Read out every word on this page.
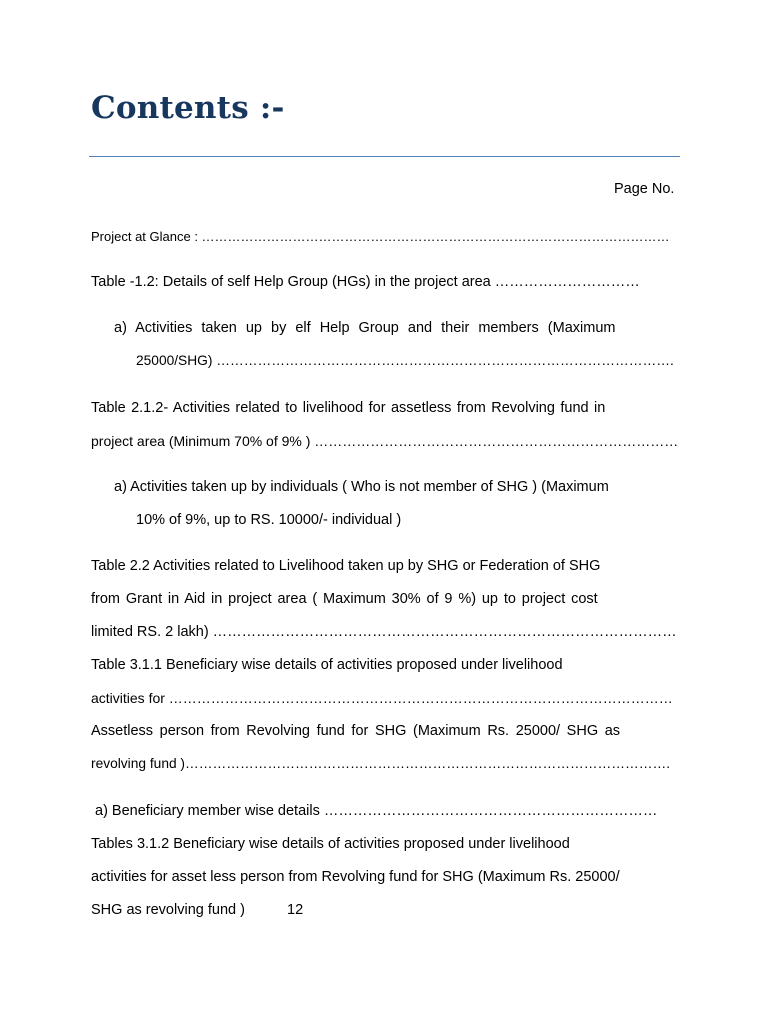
Contents :-
Page No.
Project at Glance : ………………………………………………………………………………………………
Table -1.2: Details of self Help Group (HGs) in the project area …………………………
a) Activities taken up by elf Help Group and their members (Maximum
25000/SHG) ……………………………………………………………………………………….
Table 2.1.2- Activities related to livelihood for assetless from Revolving fund in
project area (Minimum 70% of 9% ) ……………………………………………………………………
a) Activities taken up by individuals ( Who is not member of SHG ) (Maximum
10% of 9%, up to RS. 10000/- individual )
Table 2.2 Activities related to Livelihood taken up by SHG or Federation of SHG
from Grant in Aid in project area ( Maximum 30% of 9 %) up to project cost
limited RS. 2 lakh) ……………………………………………………………………………………
Table 3.1.1 Beneficiary wise details of activities proposed under livelihood
activities for ………………………………………………………………………………………………
Assetless person from Revolving fund for SHG (Maximum Rs. 25000/ SHG as
revolving fund )…………………………………………………………………………………………….
a) Beneficiary member wise details ……………………………………………………………
Tables 3.1.2 Beneficiary wise details of activities proposed under livelihood
activities for asset less person from Revolving fund for SHG (Maximum Rs. 25000/
SHG as revolving fund )	12
